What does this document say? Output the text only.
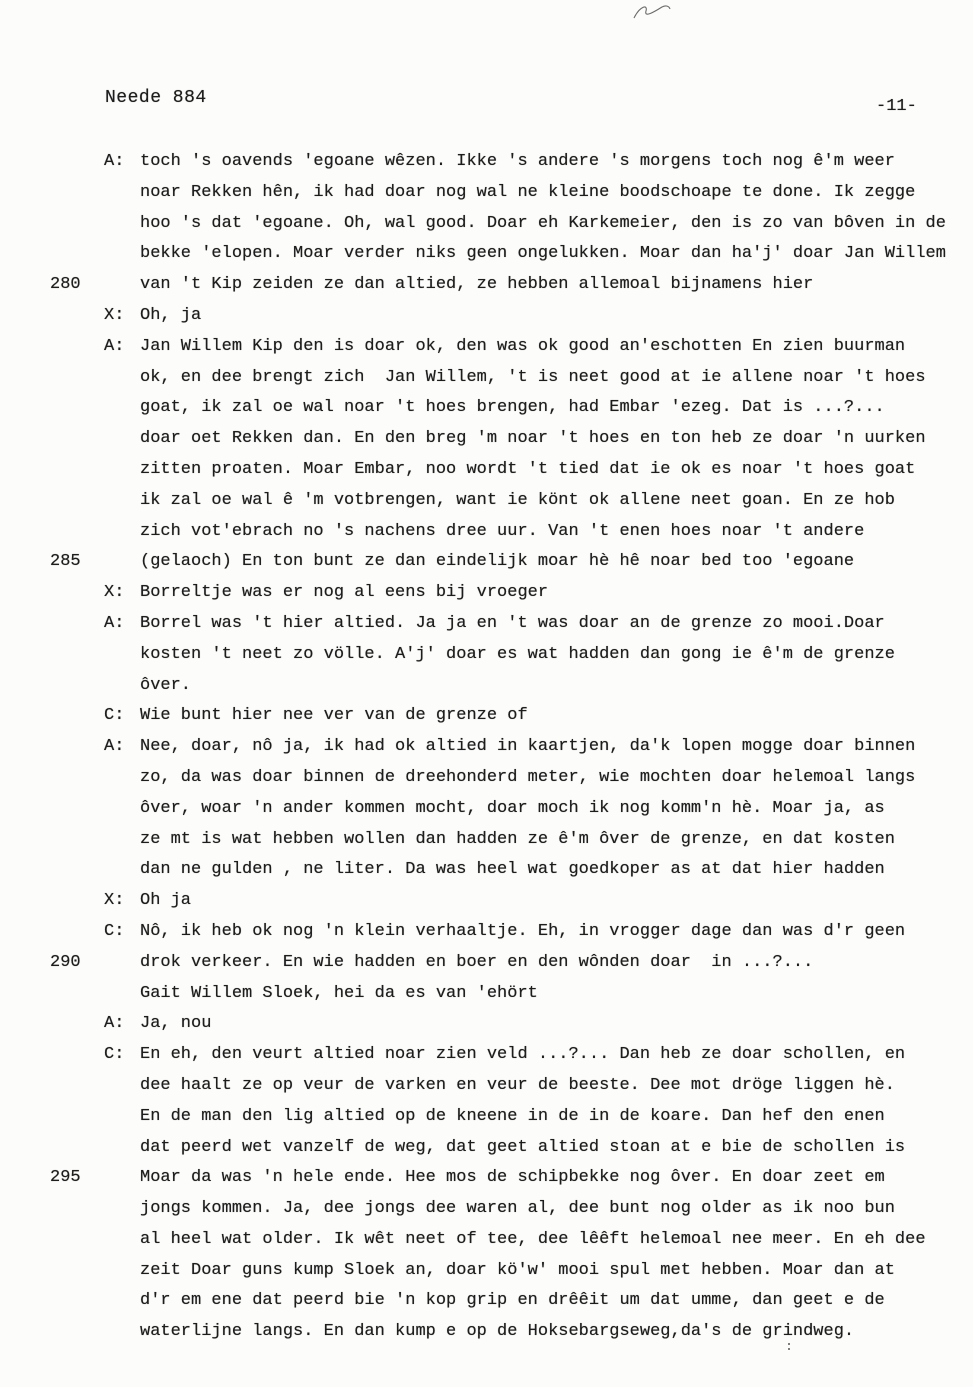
Neede 884	-11-
A: toch 's oavends 'egoane wêzen. Ikke 's andere 's morgens toch nog ê'm weer
noar Rekken hên, ik had doar nog wal ne kleine boodschoape te done. Ik zegge
hoo 's dat 'egoane. Oh, wal good. Doar eh Karkemeier, den is zo van bôven in de
bekke 'elopen. Moar verder niks geen ongelukken. Moar dan ha'j' doar Jan Willem
280	van 't Kip zeiden ze dan altied, ze hebben allemoal bijnamens hier
X: Oh, ja
A: Jan Willem Kip den is doar ok, den was ok good an'eschotten En zien buurman
ok, en dee brengt zich  Jan Willem, 't is neet good at ie allene noar 't hoes
goat, ik zal oe wal noar 't hoes brengen, had Embar 'ezeg. Dat is ...?...
doar oet Rekken dan. En den breg 'm noar 't hoes en ton heb ze doar 'n uurken
zitten proaten. Moar Embar, noo wordt 't tied dat ie ok es noar 't hoes goat
ik zal oe wal ê 'm votbrengen, want ie könt ok allene neet goan. En ze hob
zich vot'ebrach no 's nachens dree uur. Van 't enen hoes noar 't andere
285	(gelaoch) En ton bunt ze dan eindelijk moar hè hê noar bed too 'egoane
X: Borreltje was er nog al eens bij vroeger
A: Borrel was 't hier altied. Ja ja en 't was doar an de grenze zo mooi.Doar
kosten 't neet zo völle. A'j' doar es wat hadden dan gong ie ê'm de grenze
ôver.
C: Wie bunt hier nee ver van de grenze of
A: Nee, doar, nô ja, ik had ok altied in kaartjen, da'k lopen mogge doar binnen
zo, da was doar binnen de dreehonderd meter, wie mochten doar helemoal langs
ôver, woar 'n ander kommen mocht, doar moch ik nog komm'n hè. Moar ja, as
ze mt is wat hebben wollen dan hadden ze ê'm ôver de grenze, en dat kosten
dan ne gulden , ne liter. Da was heel wat goedkoper as at dat hier hadden
X: Oh ja
C: Nô, ik heb ok nog 'n klein verhaaltje. Eh, in vrogger dage dan was d'r geen
290	drok verkeer. En wie hadden en boer en den wônden doar  in ...?...
Gait Willem Sloek, hei da es van 'ehört
A: Ja, nou
C: En eh, den veurt altied noar zien veld ...?... Dan heb ze doar schollen, en
dee haalt ze op veur de varken en veur de beeste. Dee mot dröge liggen hè.
En de man den lig altied op de kneene in de in de koare. Dan hef den enen
dat peerd wet vanzelf de weg, dat geet altied stoan at e bie de schollen is
295	Moar da was 'n hele ende. Hee mos de schipbekke nog ôver. En doar zeet em
jongs kommen. Ja, dee jongs dee waren al, dee bunt nog older as ik noo bun
al heel wat older. Ik wêt neet of tee, dee lêêft helemoal nee meer. En eh dee
zeit Doar guns kump Sloek an, doar kö'w' mooi spul met hebben. Moar dan at
d'r em ene dat peerd bie 'n kop grip en drêêit um dat umme, dan geet e de
waterlijne langs. En dan kump e op de Hoksebargseweg,da's de grindweg.
